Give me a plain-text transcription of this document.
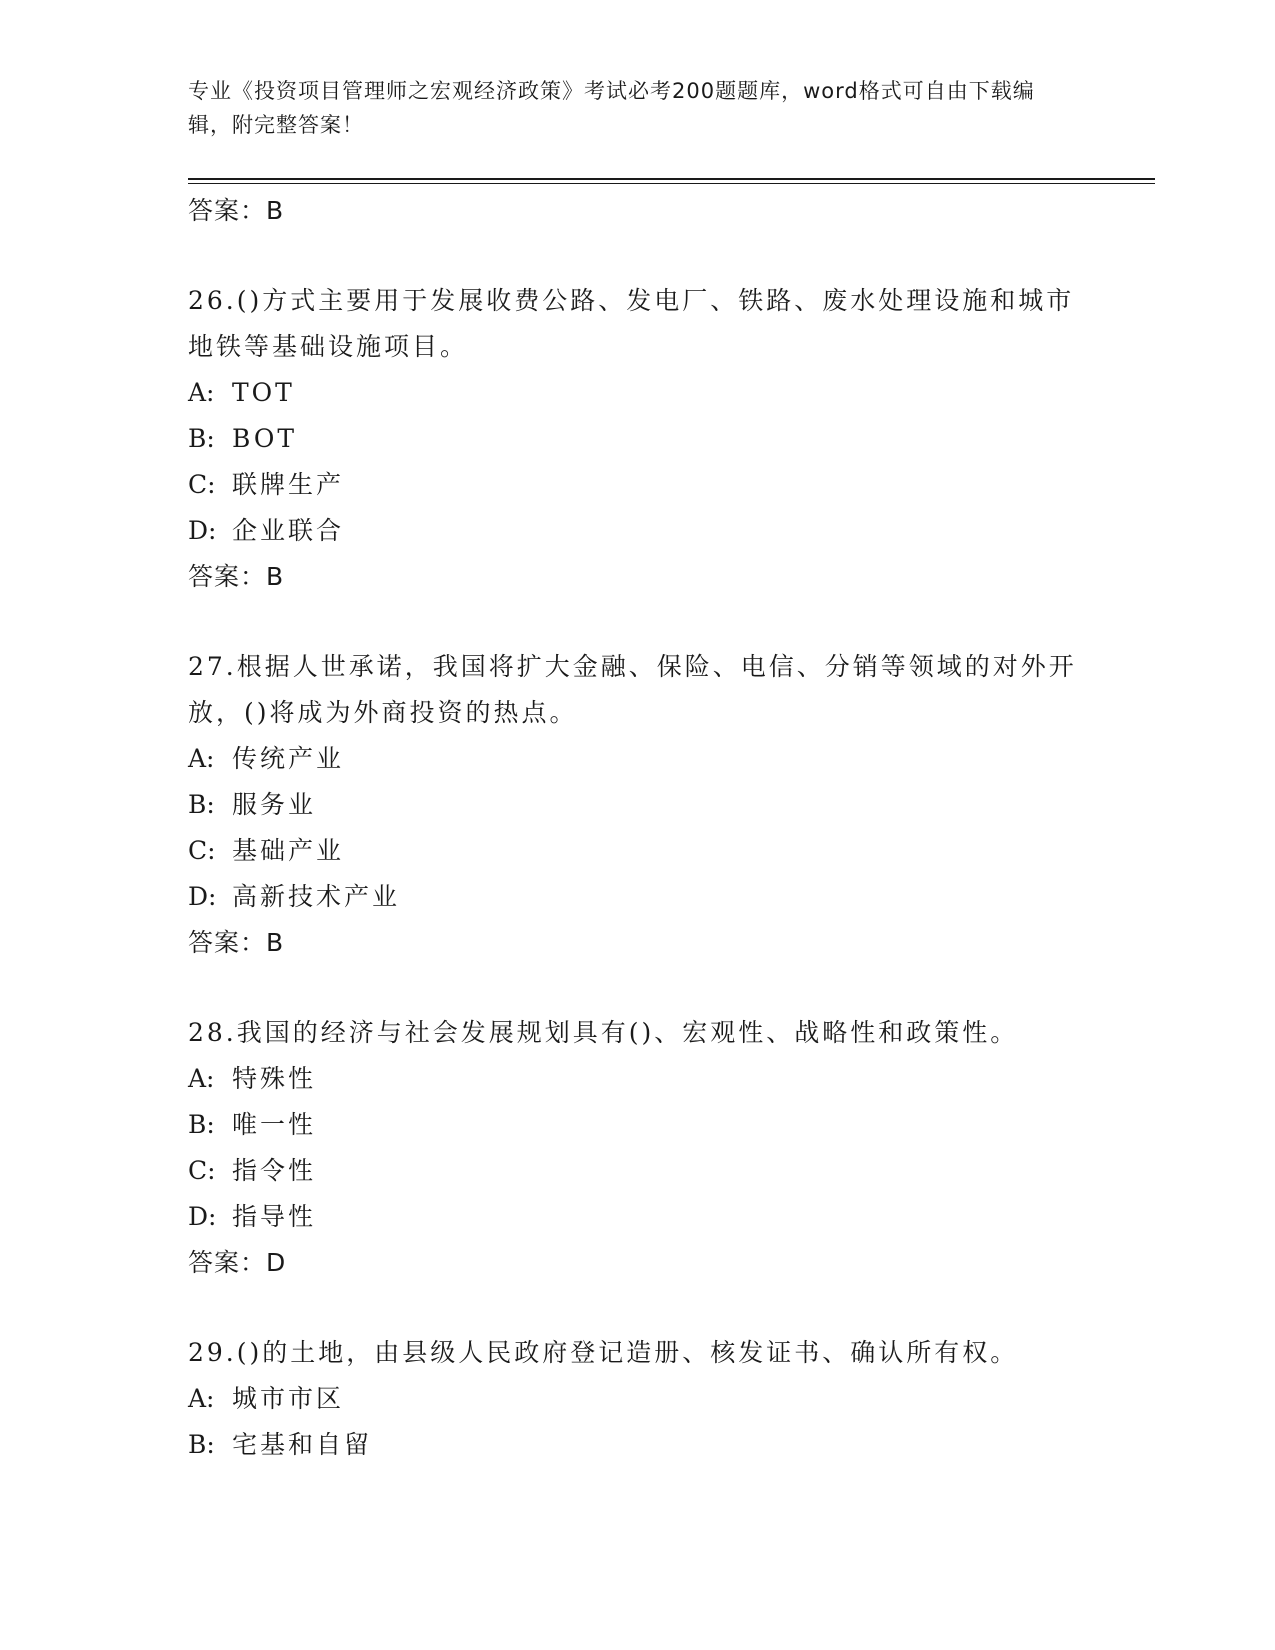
专业《投资项目管理师之宏观经济政策》考试必考200题题库，word格式可自由下载编辑，附完整答案！
答案：B
26.()方式主要用于发展收费公路、发电厂、铁路、废水处理设施和城市地铁等基础设施项目。
A: TOT
B: BOT
C: 联牌生产
D: 企业联合
答案：B
27.根据人世承诺，我国将扩大金融、保险、电信、分销等领域的对外开放，()将成为外商投资的热点。
A: 传统产业
B: 服务业
C: 基础产业
D: 高新技术产业
答案：B
28.我国的经济与社会发展规划具有()、宏观性、战略性和政策性。
A: 特殊性
B: 唯一性
C: 指令性
D: 指导性
答案：D
29.()的土地，由县级人民政府登记造册、核发证书、确认所有权。
A: 城市市区
B: 宅基和自留
